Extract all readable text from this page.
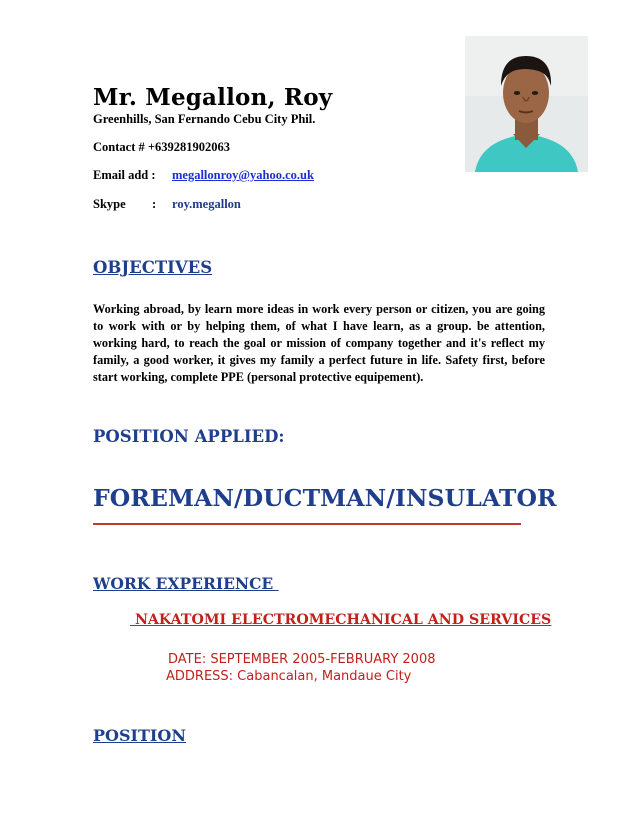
Mr. Megallon, Roy
Greenhills, San Fernando Cebu City Phil.
Contact # +639281902063
Email add : megallonroy@yahoo.co.uk
Skype : roy.megallon
OBJECTIVES
Working abroad, by learn more ideas in work every person or citizen, you are going to work with or by helping them, of what I have learn, as a group. be attention, working hard, to reach the goal or mission of company together and it's reflect my family, a good worker, it gives my family a perfect future in life. Safety first, before start working, complete PPE (personal protective equipement).
POSITION APPLIED:
FOREMAN/DUCTMAN/INSULATOR
WORK EXPERIENCE
NAKATOMI ELECTROMECHANICAL AND SERVICES
DATE: SEPTEMBER 2005-FEBRUARY 2008
ADDRESS: Cabancalan, Mandaue City
POSITION
